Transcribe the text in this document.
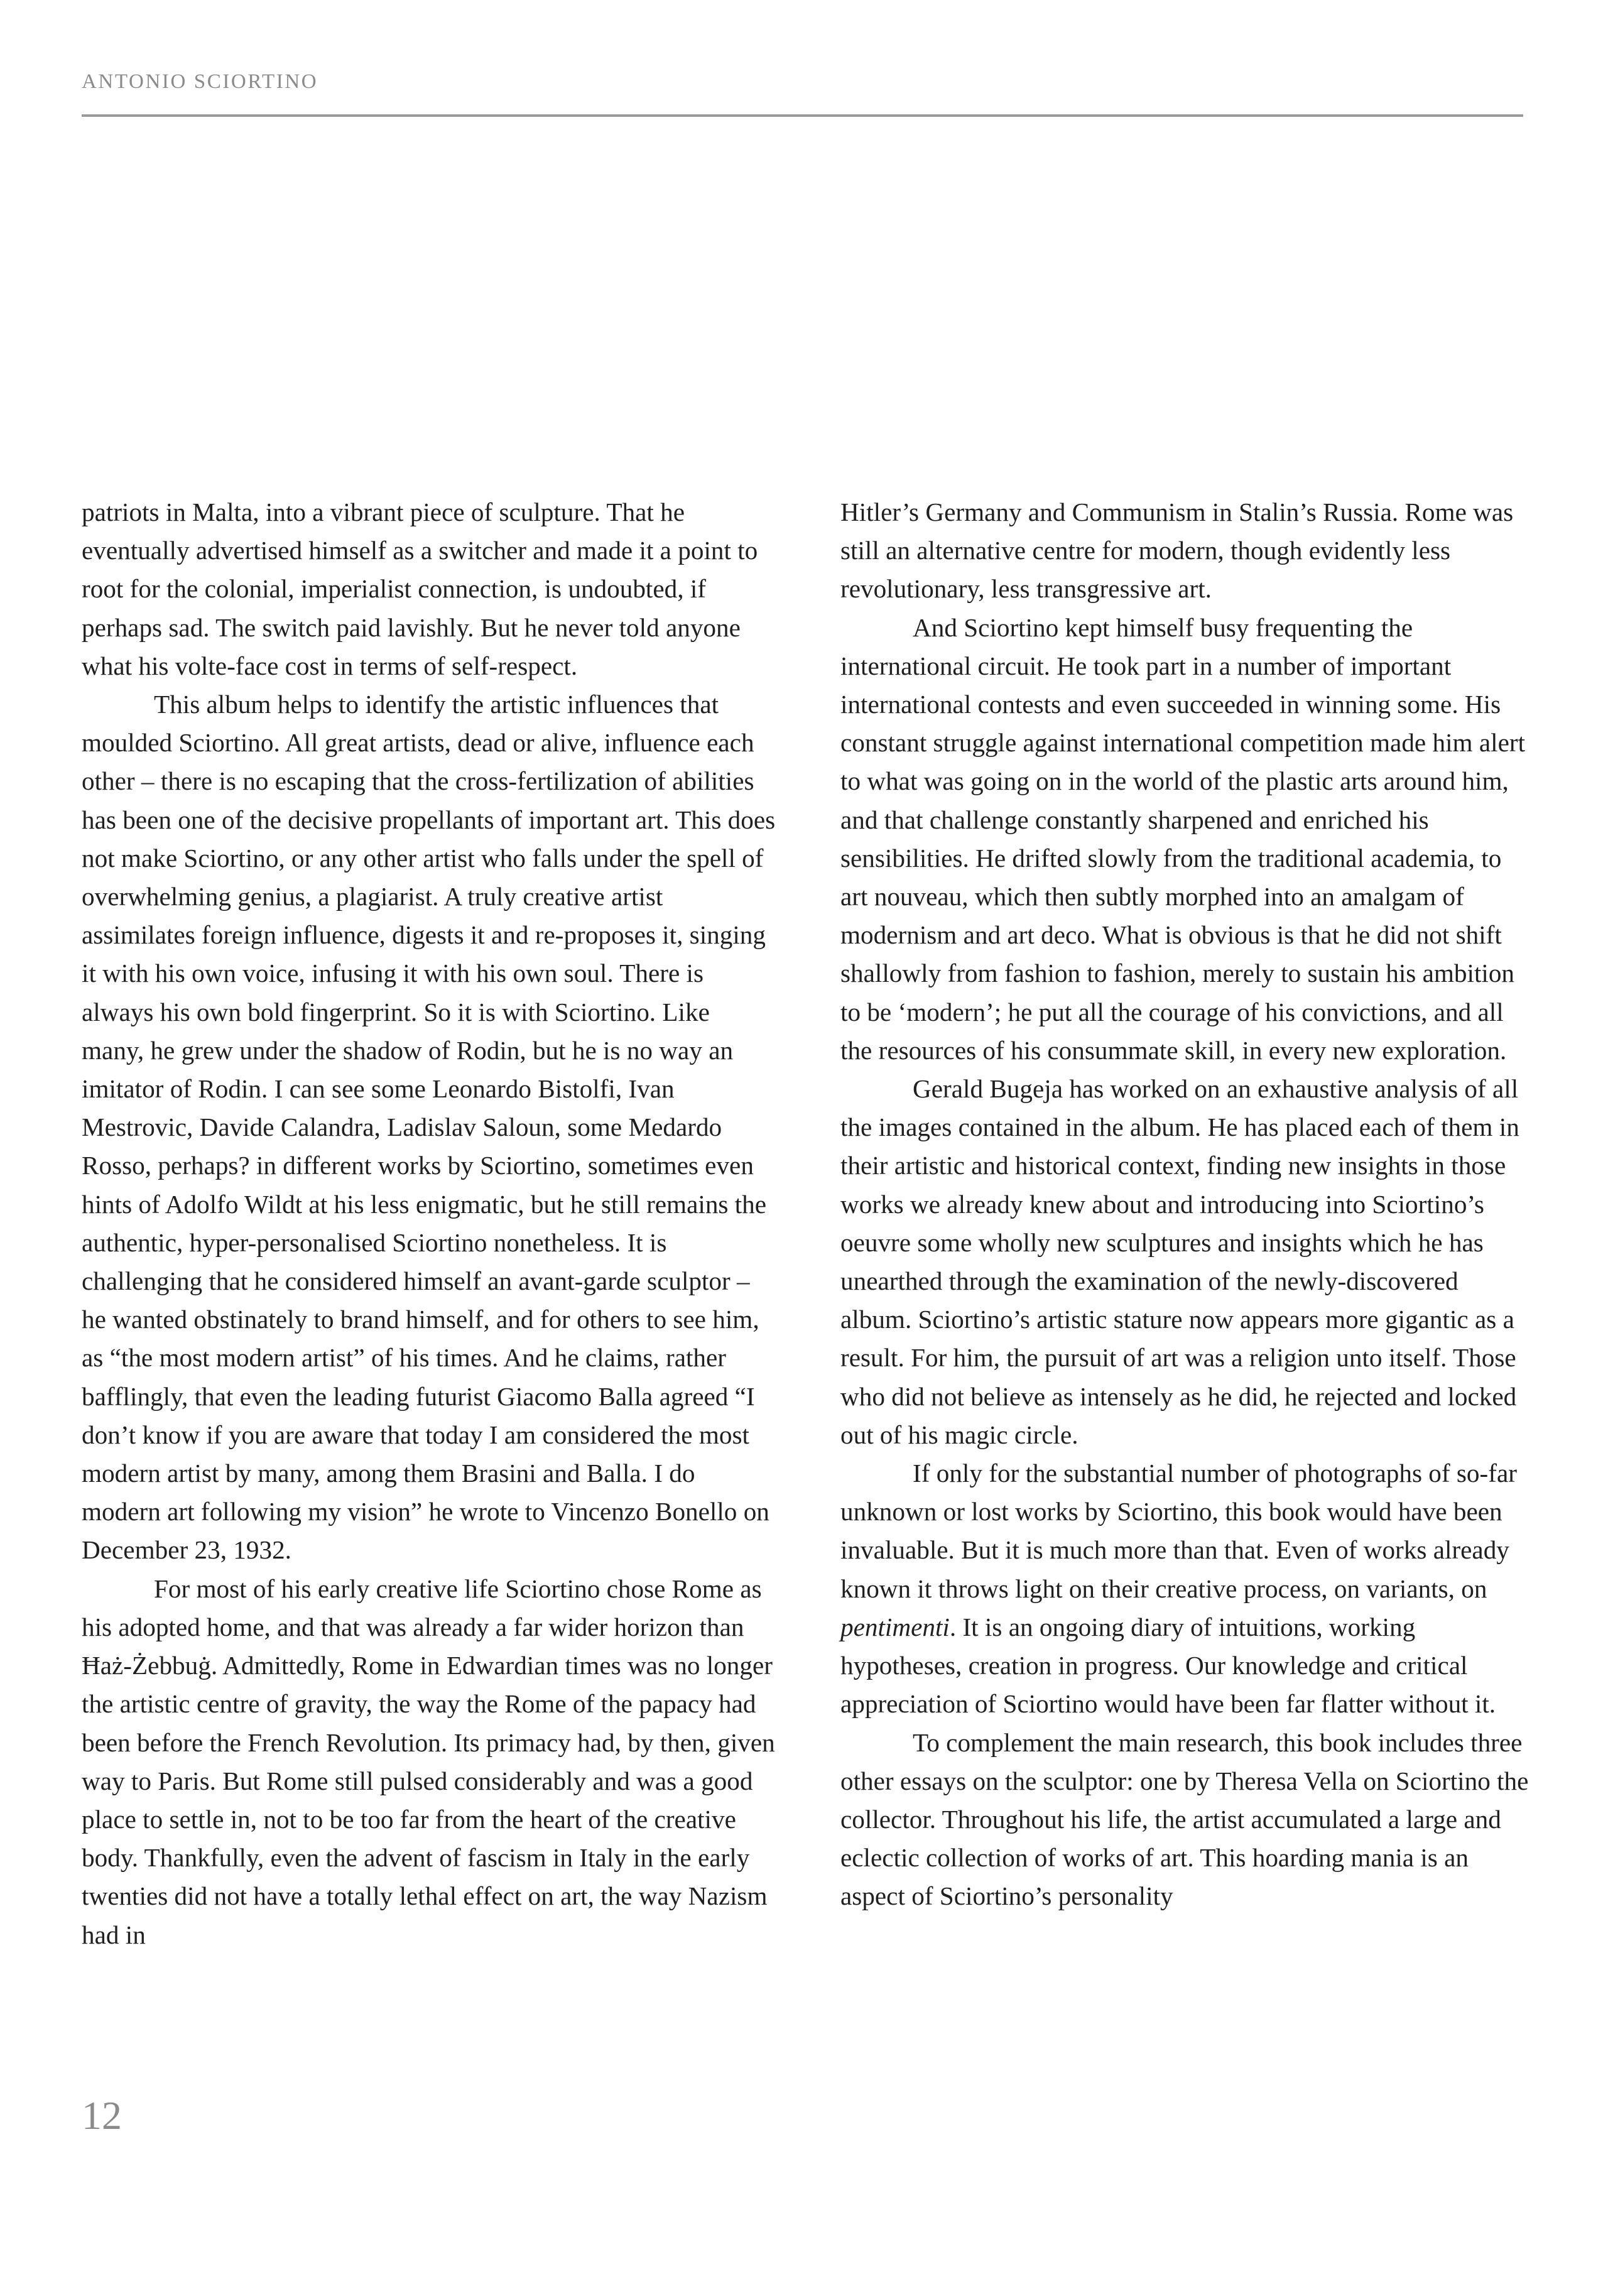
ANTONIO SCIORTINO

patriots in Malta, into a vibrant piece of sculpture. That he eventually advertised himself as a switcher and made it a point to root for the colonial, imperialist connection, is undoubted, if perhaps sad. The switch paid lavishly. But he never told anyone what his volte-face cost in terms of self-respect.

This album helps to identify the artistic influences that moulded Sciortino. All great artists, dead or alive, influence each other – there is no escaping that the cross-fertilization of abilities has been one of the decisive propellants of important art. This does not make Sciortino, or any other artist who falls under the spell of overwhelming genius, a plagiarist. A truly creative artist assimilates foreign influence, digests it and re-proposes it, singing it with his own voice, infusing it with his own soul. There is always his own bold fingerprint. So it is with Sciortino. Like many, he grew under the shadow of Rodin, but he is no way an imitator of Rodin. I can see some Leonardo Bistolfi, Ivan Mestrovic, Davide Calandra, Ladislav Saloun, some Medardo Rosso, perhaps? in different works by Sciortino, sometimes even hints of Adolfo Wildt at his less enigmatic, but he still remains the authentic, hyper-personalised Sciortino nonetheless. It is challenging that he considered himself an avant-garde sculptor – he wanted obstinately to brand himself, and for others to see him, as “the most modern artist” of his times. And he claims, rather bafflingly, that even the leading futurist Giacomo Balla agreed “I don’t know if you are aware that today I am considered the most modern artist by many, among them Brasini and Balla. I do modern art following my vision” he wrote to Vincenzo Bonello on December 23, 1932.

For most of his early creative life Sciortino chose Rome as his adopted home, and that was already a far wider horizon than Ħaż-Żebbuġ. Admittedly, Rome in Edwardian times was no longer the artistic centre of gravity, the way the Rome of the papacy had been before the French Revolution. Its primacy had, by then, given way to Paris. But Rome still pulsed considerably and was a good place to settle in, not to be too far from the heart of the creative body. Thankfully, even the advent of fascism in Italy in the early twenties did not have a totally lethal effect on art, the way Nazism had in

Hitler’s Germany and Communism in Stalin’s Russia. Rome was still an alternative centre for modern, though evidently less revolutionary, less transgressive art.

And Sciortino kept himself busy frequenting the international circuit. He took part in a number of important international contests and even succeeded in winning some. His constant struggle against international competition made him alert to what was going on in the world of the plastic arts around him, and that challenge constantly sharpened and enriched his sensibilities. He drifted slowly from the traditional academia, to art nouveau, which then subtly morphed into an amalgam of modernism and art deco. What is obvious is that he did not shift shallowly from fashion to fashion, merely to sustain his ambition to be ‘modern’; he put all the courage of his convictions, and all the resources of his consummate skill, in every new exploration.

Gerald Bugeja has worked on an exhaustive analysis of all the images contained in the album. He has placed each of them in their artistic and historical context, finding new insights in those works we already knew about and introducing into Sciortino’s oeuvre some wholly new sculptures and insights which he has unearthed through the examination of the newly-discovered album. Sciortino’s artistic stature now appears more gigantic as a result. For him, the pursuit of art was a religion unto itself. Those who did not believe as intensely as he did, he rejected and locked out of his magic circle.

If only for the substantial number of photographs of so-far unknown or lost works by Sciortino, this book would have been invaluable. But it is much more than that. Even of works already known it throws light on their creative process, on variants, on pentimenti. It is an ongoing diary of intuitions, working hypotheses, creation in progress. Our knowledge and critical appreciation of Sciortino would have been far flatter without it.

To complement the main research, this book includes three other essays on the sculptor: one by Theresa Vella on Sciortino the collector. Throughout his life, the artist accumulated a large and eclectic collection of works of art. This hoarding mania is an aspect of Sciortino’s personality

12
